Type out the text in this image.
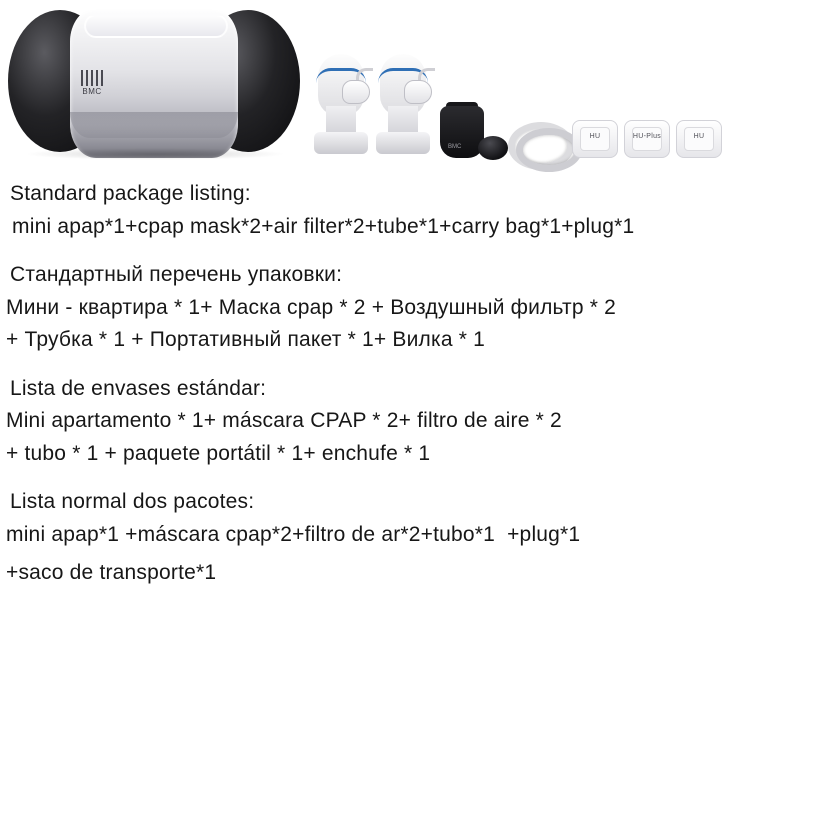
BMC
BMC
HU	HU-Plus	HU
Standard package listing:
mini apap*1+cpap mask*2+air filter*2+tube*1+carry bag*1+plug*1
Стандартный перечень упаковки:
Мини - квартира * 1+ Маска срар * 2 + Воздушный фильтр * 2
+ Трубка * 1 + Портативный пакет * 1+ Вилка * 1
Lista de envases estándar:
Mini apartamento * 1+ máscara CPAP * 2+ filtro de aire * 2
+ tubo * 1 + paquete portátil * 1+ enchufe * 1
Lista normal dos pacotes:
mini apap*1 +máscara cpap*2+filtro de ar*2+tubo*1  +plug*1
+saco de transporte*1
